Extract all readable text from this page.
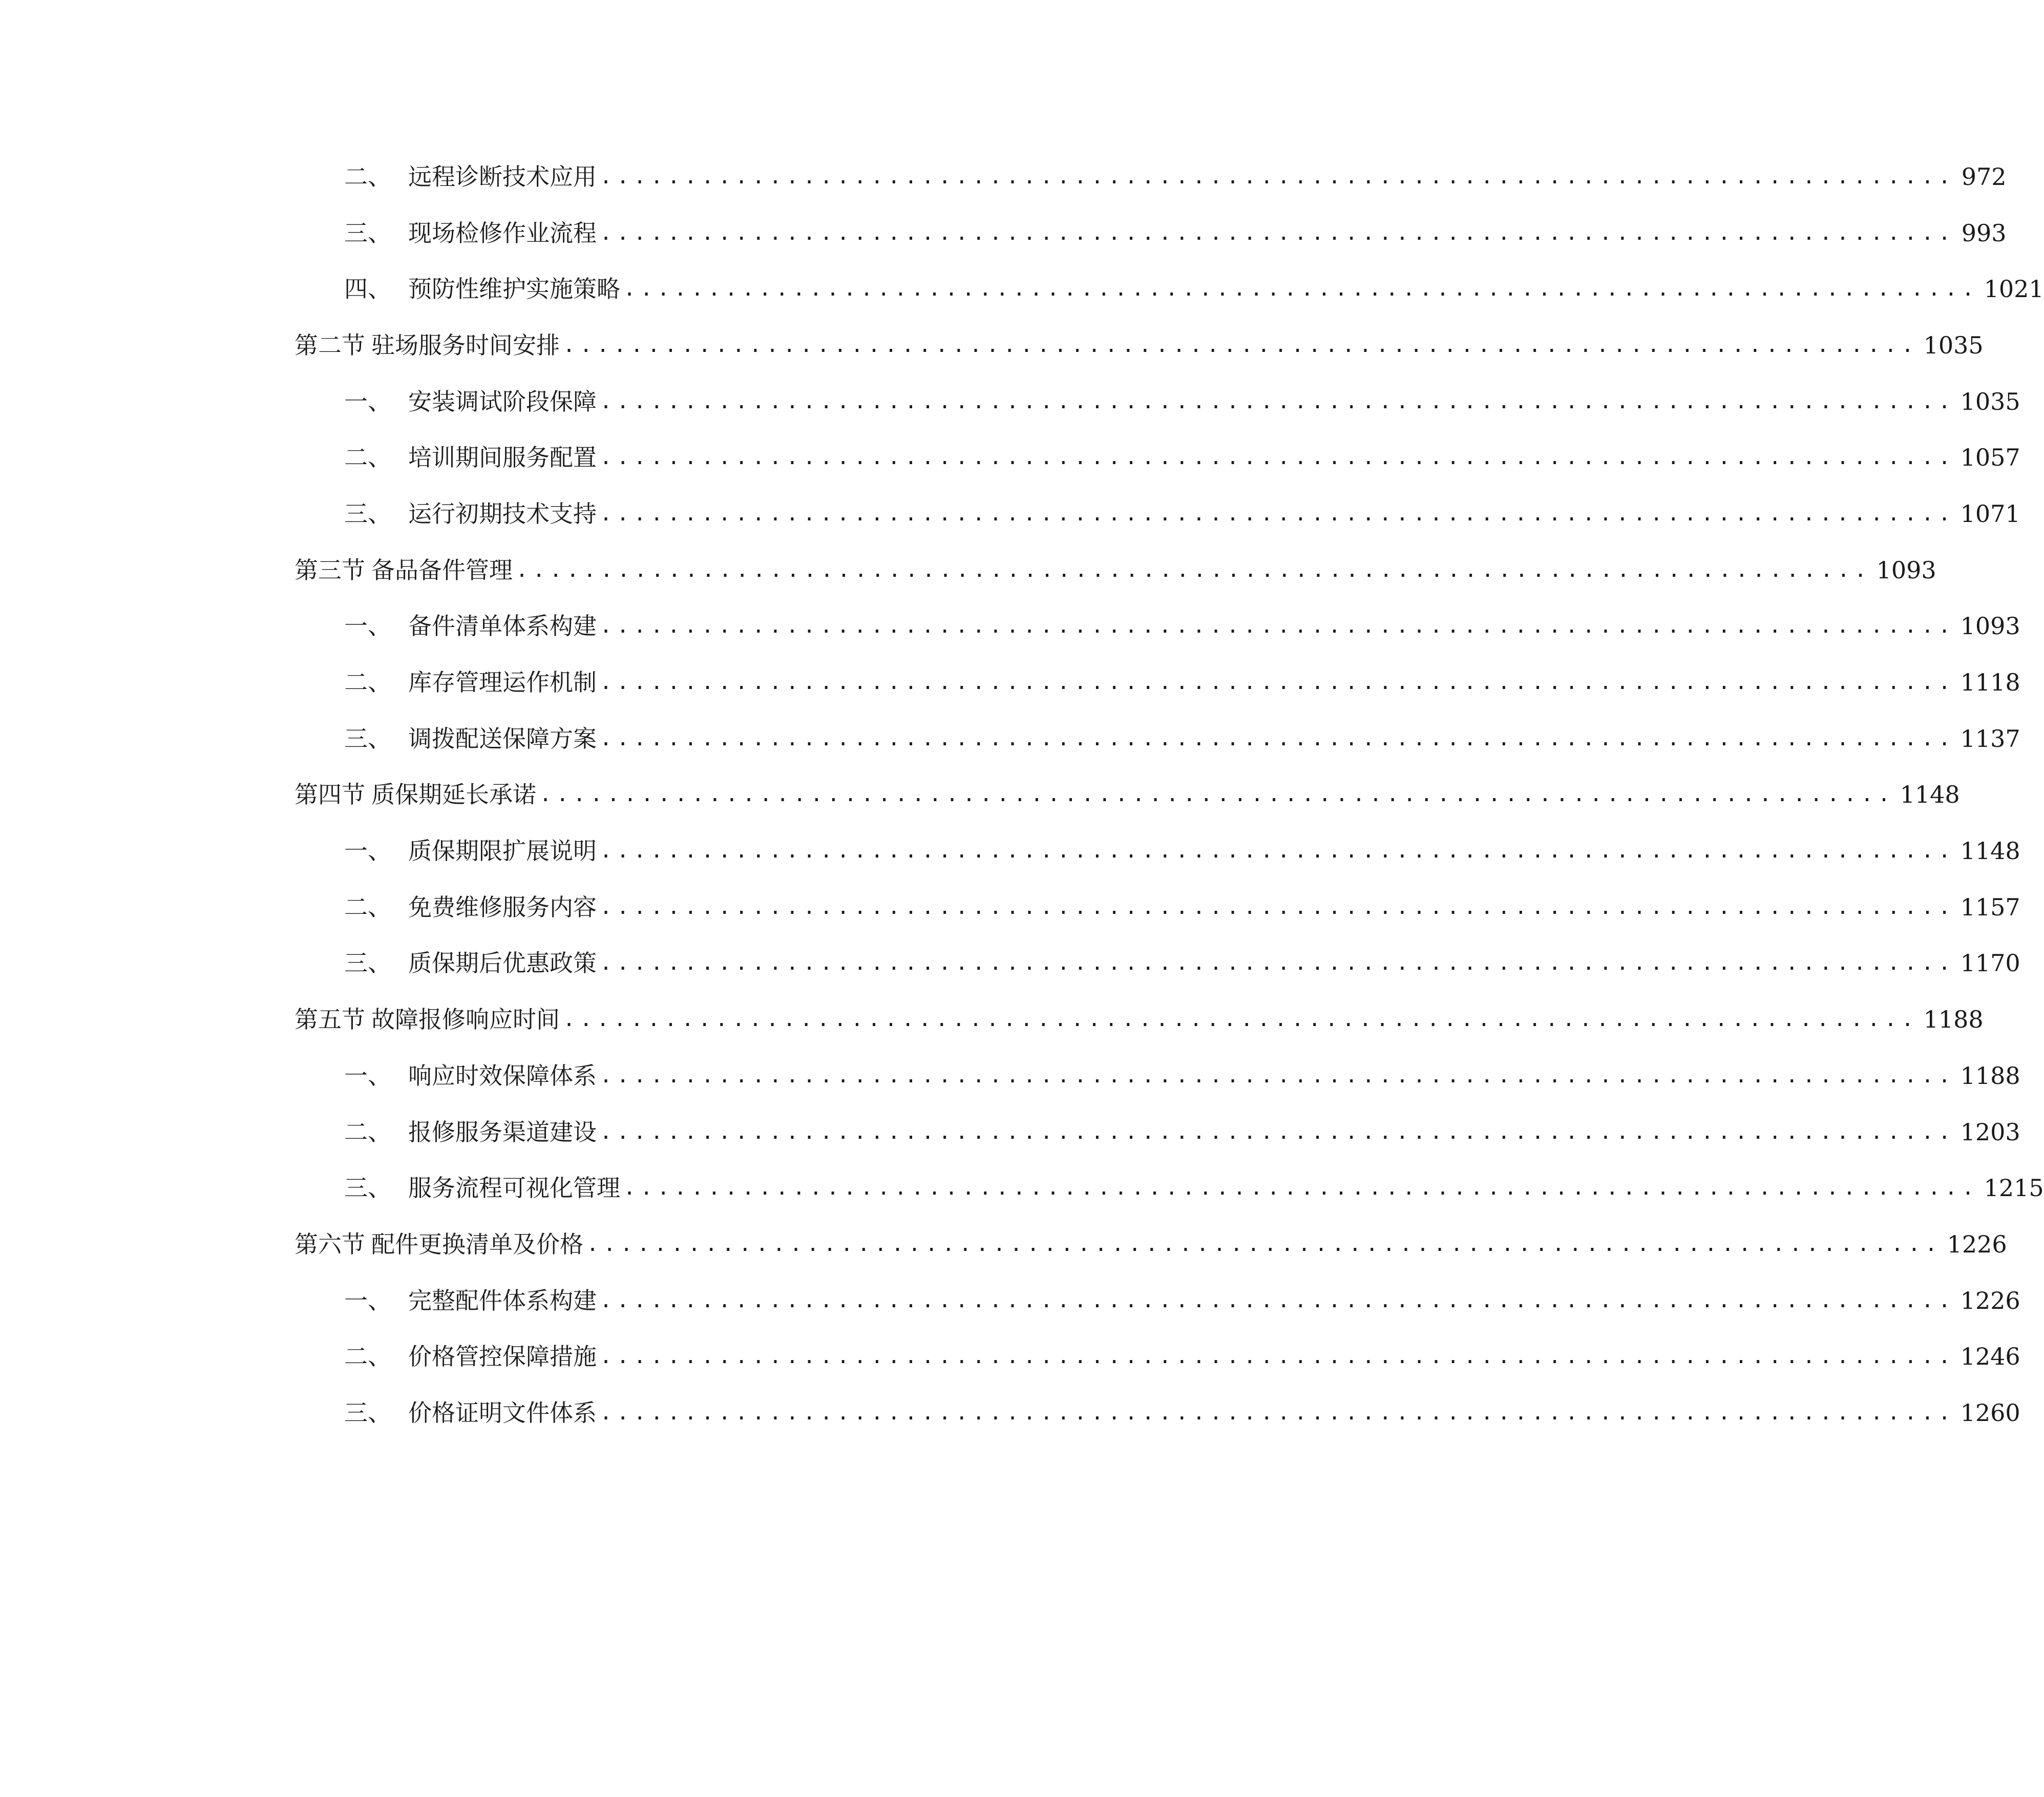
二、 远程诊断技术应用 ................................................................................ 972
三、 现场检修作业流程 ................................................................................ 993
四、 预防性维护实施策略 ................................................................................ 1021
第二节 驻场服务时间安排 ................................................................................ 1035
一、 安装调试阶段保障 ................................................................................ 1035
二、 培训期间服务配置 ................................................................................ 1057
三、 运行初期技术支持 ................................................................................ 1071
第三节 备品备件管理 ................................................................................ 1093
一、 备件清单体系构建 ................................................................................ 1093
二、 库存管理运作机制 ................................................................................ 1118
三、 调拨配送保障方案 ................................................................................ 1137
第四节 质保期延长承诺 ................................................................................ 1148
一、 质保期限扩展说明 ................................................................................ 1148
二、 免费维修服务内容 ................................................................................ 1157
三、 质保期后优惠政策 ................................................................................ 1170
第五节 故障报修响应时间 ................................................................................ 1188
一、 响应时效保障体系 ................................................................................ 1188
二、 报修服务渠道建设 ................................................................................ 1203
三、 服务流程可视化管理 ................................................................................ 1215
第六节 配件更换清单及价格 ................................................................................ 1226
一、 完整配件体系构建 ................................................................................ 1226
二、 价格管控保障措施 ................................................................................ 1246
三、 价格证明文件体系 ................................................................................ 1260
